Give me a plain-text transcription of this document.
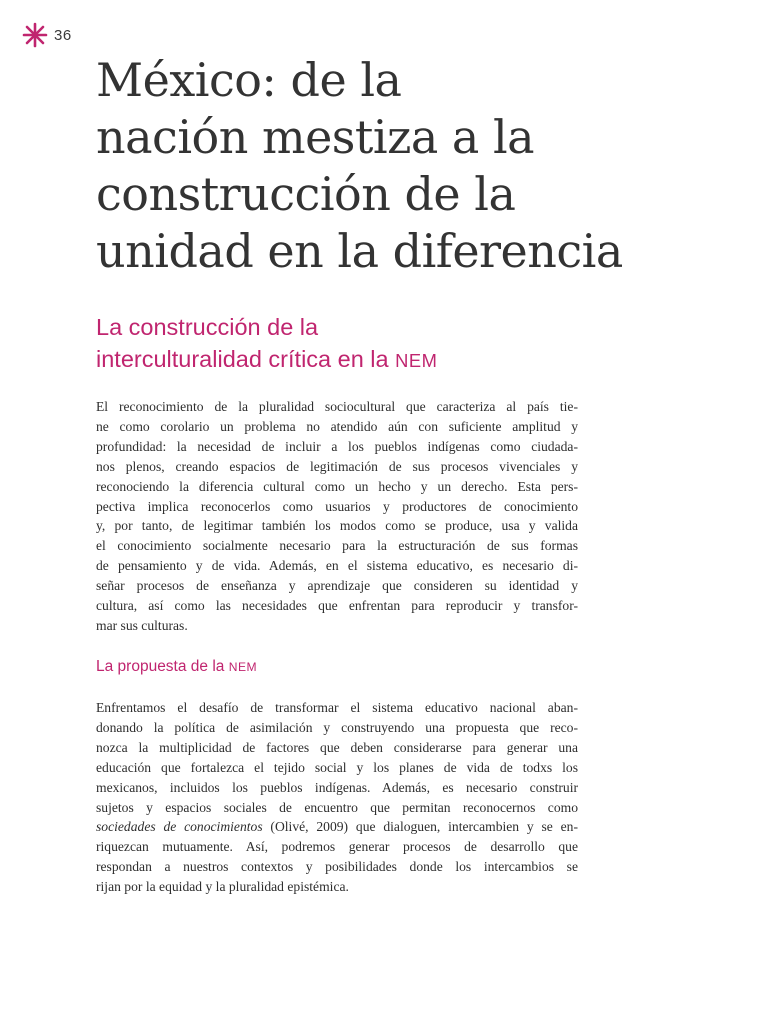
36
México: de la
nación mestiza a la
construcción de la
unidad en la diferencia
La construcción de la
interculturalidad crítica en la NEM
El reconocimiento de la pluralidad sociocultural que caracteriza al país tie-
ne como corolario un problema no atendido aún con suficiente amplitud y
profundidad: la necesidad de incluir a los pueblos indígenas como ciudada-
nos plenos, creando espacios de legitimación de sus procesos vivenciales y
reconociendo la diferencia cultural como un hecho y un derecho. Esta pers-
pectiva implica reconocerlos como usuarios y productores de conocimiento
y, por tanto, de legitimar también los modos como se produce, usa y valida
el conocimiento socialmente necesario para la estructuración de sus formas
de pensamiento y de vida. Además, en el sistema educativo, es necesario di-
señar procesos de enseñanza y aprendizaje que consideren su identidad y
cultura, así como las necesidades que enfrentan para reproducir y transfor-
mar sus culturas.
La propuesta de la NEM
Enfrentamos el desafío de transformar el sistema educativo nacional aban-
donando la política de asimilación y construyendo una propuesta que reco-
nozca la multiplicidad de factores que deben considerarse para generar una
educación que fortalezca el tejido social y los planes de vida de todxs los
mexicanos, incluidos los pueblos indígenas. Además, es necesario construir
sujetos y espacios sociales de encuentro que permitan reconocernos como
sociedades de conocimientos (Olivé, 2009) que dialoguen, intercambien y se en-
riquezcan mutuamente. Así, podremos generar procesos de desarrollo que
respondan a nuestros contextos y posibilidades donde los intercambios se
rijan por la equidad y la pluralidad epistémica.
